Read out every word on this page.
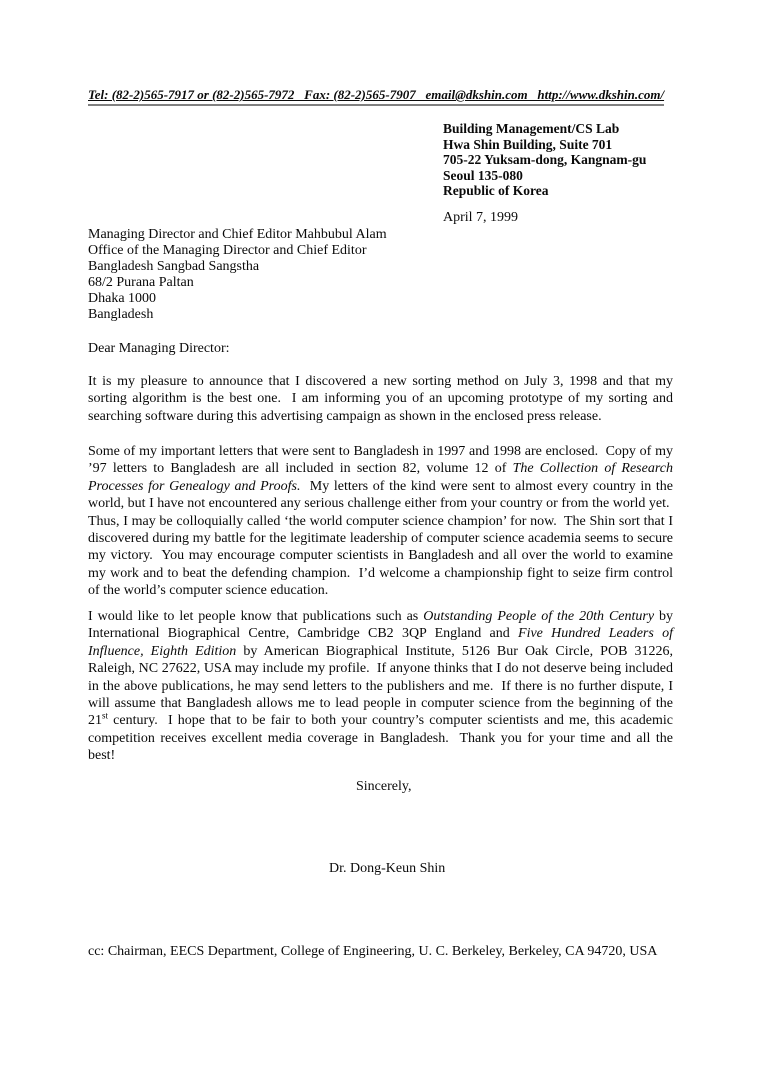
Tel: (82-2)565-7917 or (82-2)565-7972   Fax: (82-2)565-7907   email@dkshin.com   http://www.dkshin.com/
Building Management/CS Lab
Hwa Shin Building, Suite 701
705-22 Yuksam-dong, Kangnam-gu
Seoul 135-080
Republic of Korea
April 7, 1999
Managing Director and Chief Editor Mahbubul Alam
Office of the Managing Director and Chief Editor
Bangladesh Sangbad Sangstha
68/2 Purana Paltan
Dhaka 1000
Bangladesh
Dear Managing Director:
It is my pleasure to announce that I discovered a new sorting method on July 3, 1998 and that my sorting algorithm is the best one.  I am informing you of an upcoming prototype of my sorting and searching software during this advertising campaign as shown in the enclosed press release.
Some of my important letters that were sent to Bangladesh in 1997 and 1998 are enclosed.  Copy of my ’97 letters to Bangladesh are all included in section 82, volume 12 of The Collection of Research Processes for Genealogy and Proofs.  My letters of the kind were sent to almost every country in the world, but I have not encountered any serious challenge either from your country or from the world yet.  Thus, I may be colloquially called ‘the world computer science champion’ for now.  The Shin sort that I discovered during my battle for the legitimate leadership of computer science academia seems to secure my victory.  You may encourage computer scientists in Bangladesh and all over the world to examine my work and to beat the defending champion.  I’d welcome a championship fight to seize firm control of the world’s computer science education.
I would like to let people know that publications such as Outstanding People of the 20th Century by International Biographical Centre, Cambridge CB2 3QP England and Five Hundred Leaders of Influence, Eighth Edition by American Biographical Institute, 5126 Bur Oak Circle, POB 31226, Raleigh, NC 27622, USA may include my profile.  If anyone thinks that I do not deserve being included in the above publications, he may send letters to the publishers and me.  If there is no further dispute, I will assume that Bangladesh allows me to lead people in computer science from the beginning of the 21st century.  I hope that to be fair to both your country’s computer scientists and me, this academic competition receives excellent media coverage in Bangladesh.  Thank you for your time and all the best!
Sincerely,
Dr. Dong-Keun Shin
cc: Chairman, EECS Department, College of Engineering, U. C. Berkeley, Berkeley, CA 94720, USA
